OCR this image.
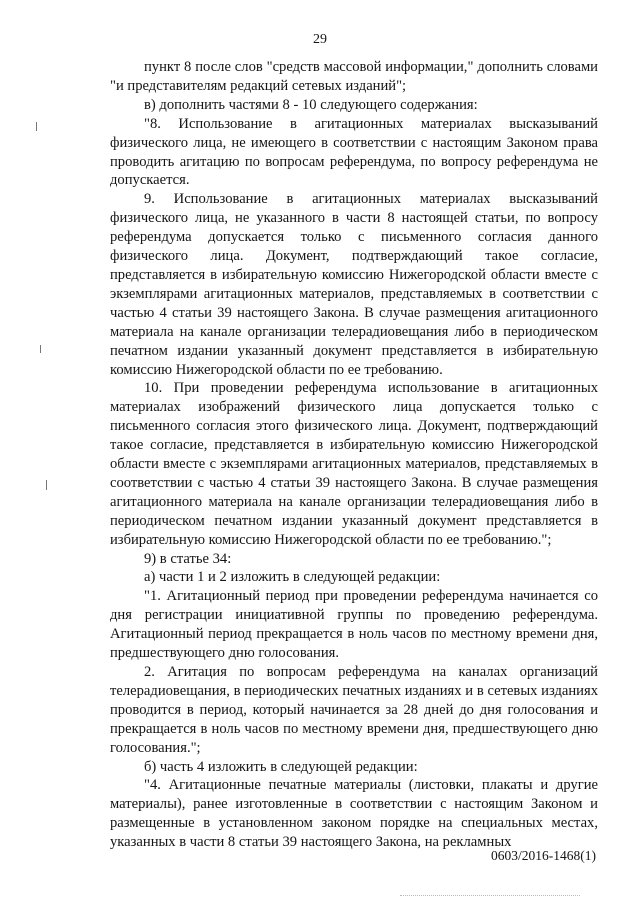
29

пункт 8 после слов "средств массовой информации," дополнить словами "и представителям редакций сетевых изданий";

в) дополнить частями 8 - 10 следующего содержания:

"8. Использование в агитационных материалах высказываний физического лица, не имеющего в соответствии с настоящим Законом права проводить агитацию по вопросам референдума, по вопросу референдума не допускается.

9. Использование в агитационных материалах высказываний физического лица, не указанного в части 8 настоящей статьи, по вопросу референдума допускается только с письменного согласия данного физического лица. Документ, подтверждающий такое согласие, представляется в избирательную комиссию Нижегородской области вместе с экземплярами агитационных материалов, представляемых в соответствии с частью 4 статьи 39 настоящего Закона. В случае размещения агитационного материала на канале организации телерадиовещания либо в периодическом печатном издании указанный документ представляется в избирательную комиссию Нижегородской области по ее требованию.

10. При проведении референдума использование в агитационных материалах изображений физического лица допускается только с письменного согласия этого физического лица. Документ, подтверждающий такое согласие, представляется в избирательную комиссию Нижегородской области вместе с экземплярами агитационных материалов, представляемых в соответствии с частью 4 статьи 39 настоящего Закона. В случае размещения агитационного материала на канале организации телерадиовещания либо в периодическом печатном издании указанный документ представляется в избирательную комиссию Нижегородской области по ее требованию.";

9) в статье 34:

а) части 1 и 2 изложить в следующей редакции:

"1. Агитационный период при проведении референдума начинается со дня регистрации инициативной группы по проведению референдума. Агитационный период прекращается в ноль часов по местному времени дня, предшествующего дню голосования.

2. Агитация по вопросам референдума на каналах организаций телерадиовещания, в периодических печатных изданиях и в сетевых изданиях проводится в период, который начинается за 28 дней до дня голосования и прекращается в ноль часов по местному времени дня, предшествующего дню голосования.";

б) часть 4 изложить в следующей редакции:

"4. Агитационные печатные материалы (листовки, плакаты и другие материалы), ранее изготовленные в соответствии с настоящим Законом и размещенные в установленном законом порядке на специальных местах, указанных в части 8 статьи 39 настоящего Закона, на рекламных

0603/2016-1468(1)
